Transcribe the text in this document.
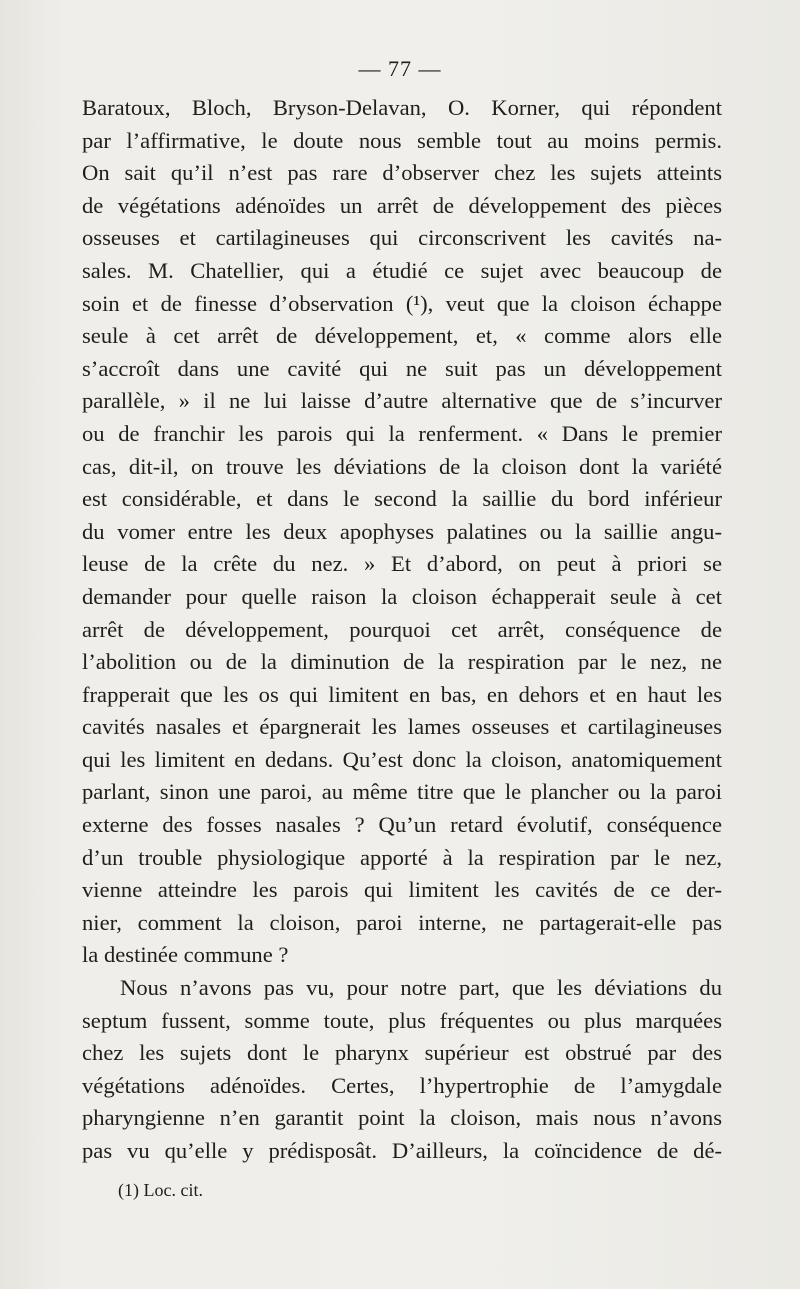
— 77 —
Baratoux, Bloch, Bryson-Delavan, O. Korner, qui répondent
par l’affirmative, le doute nous semble tout au moins permis.
On sait qu’il n’est pas rare d’observer chez les sujets atteints
de végétations adénoïdes un arrêt de développement des pièces
osseuses et cartilagineuses qui circonscrivent les cavités na-
sales. M. Chatellier, qui a étudié ce sujet avec beaucoup de
soin et de finesse d’observation (¹), veut que la cloison échappe
seule à cet arrêt de développement, et, « comme alors elle
s’accroît dans une cavité qui ne suit pas un développement
parallèle, » il ne lui laisse d’autre alternative que de s’incurver
ou de franchir les parois qui la renferment. « Dans le premier
cas, dit-il, on trouve les déviations de la cloison dont la variété
est considérable, et dans le second la saillie du bord inférieur
du vomer entre les deux apophyses palatines ou la saillie angu-
leuse de la crête du nez. » Et d’abord, on peut à priori se
demander pour quelle raison la cloison échapperait seule à cet
arrêt de développement, pourquoi cet arrêt, conséquence de
l’abolition ou de la diminution de la respiration par le nez, ne
frapperait que les os qui limitent en bas, en dehors et en haut les
cavités nasales et épargnerait les lames osseuses et cartilagineuses
qui les limitent en dedans. Qu’est donc la cloison, anatomiquement
parlant, sinon une paroi, au même titre que le plancher ou la paroi
externe des fosses nasales ? Qu’un retard évolutif, conséquence
d’un trouble physiologique apporté à la respiration par le nez,
vienne atteindre les parois qui limitent les cavités de ce der-
nier, comment la cloison, paroi interne, ne partagerait-elle pas
la destinée commune ?
Nous n’avons pas vu, pour notre part, que les déviations du
septum fussent, somme toute, plus fréquentes ou plus marquées
chez les sujets dont le pharynx supérieur est obstrué par des
végétations adénoïdes. Certes, l’hypertrophie de l’amygdale
pharyngienne n’en garantit point la cloison, mais nous n’avons
pas vu qu’elle y prédisposât. D’ailleurs, la coïncidence de dé-
(1) Loc. cit.
